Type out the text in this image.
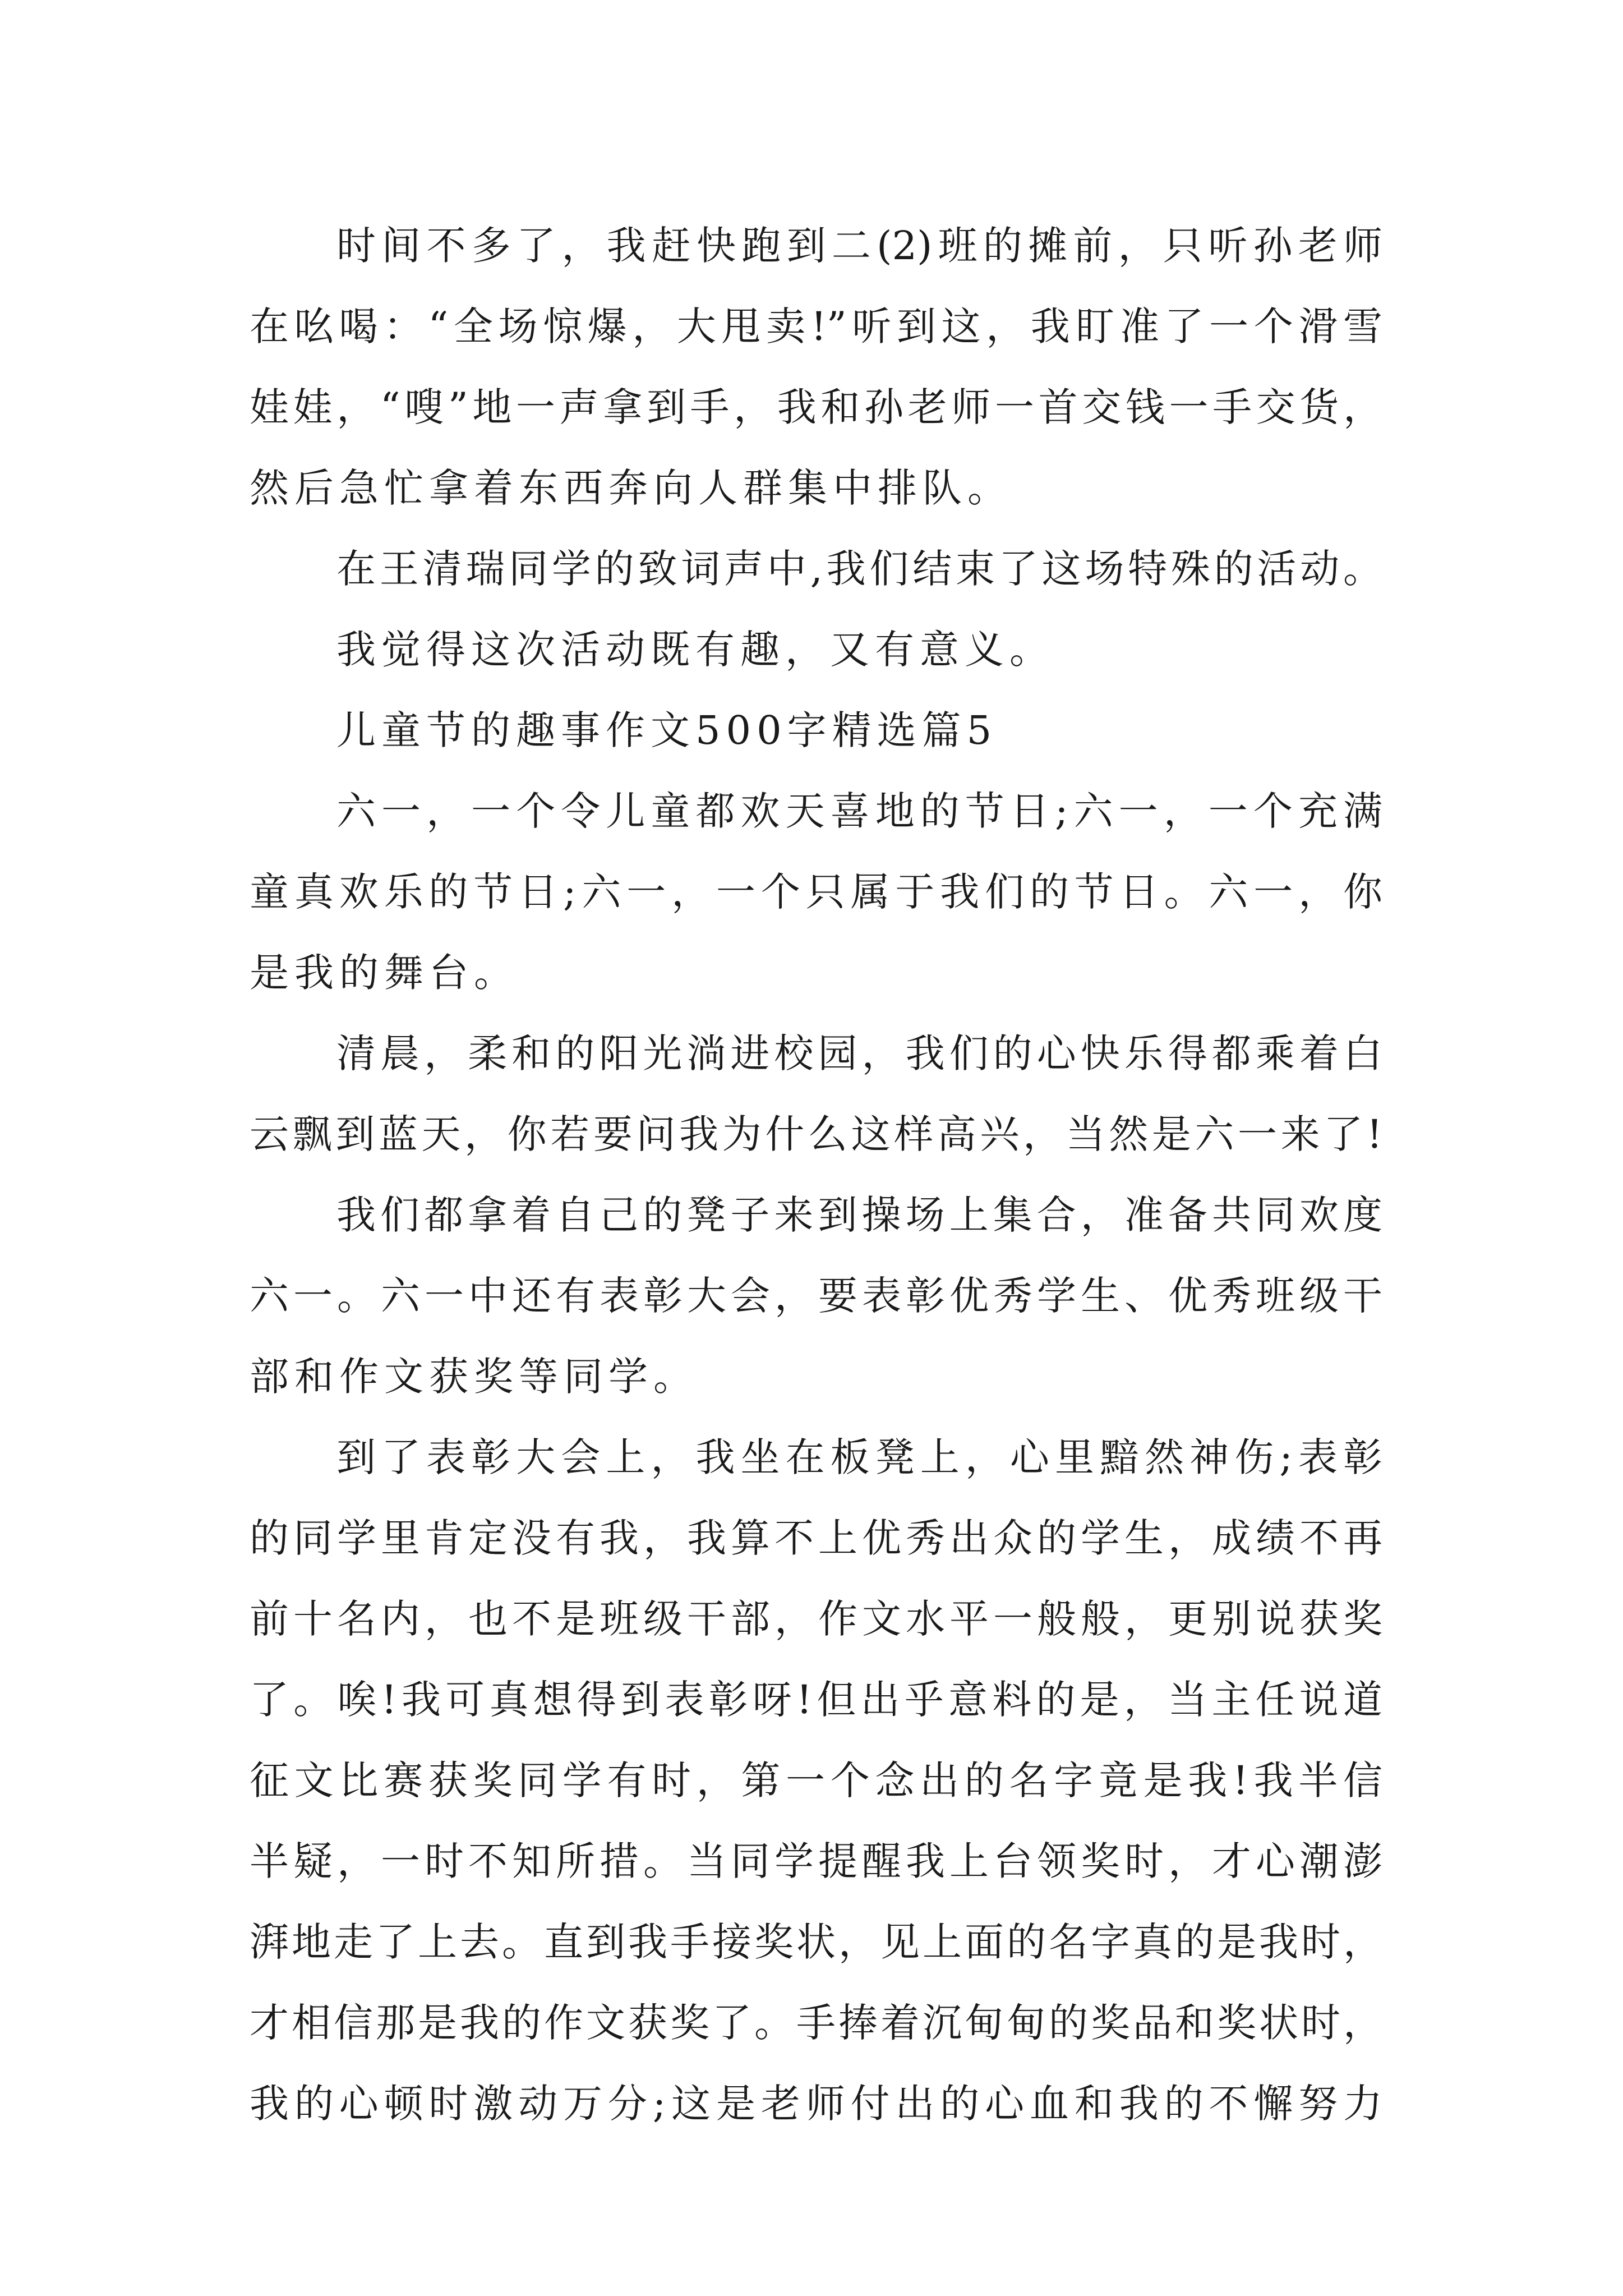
时间不多了，我赶快跑到二(2)班的摊前，只听孙老师
在吆喝：“全场惊爆，大甩卖!”听到这，我盯准了一个滑雪
娃娃，“嗖”地一声拿到手，我和孙老师一首交钱一手交货，
然后急忙拿着东西奔向人群集中排队。
在王清瑞同学的致词声中,我们结束了这场特殊的活动。
我觉得这次活动既有趣，又有意义。
儿童节的趣事作文500字精选篇5
六一，一个令儿童都欢天喜地的节日;六一，一个充满
童真欢乐的节日;六一，一个只属于我们的节日。六一，你
是我的舞台。
清晨，柔和的阳光淌进校园，我们的心快乐得都乘着白
云飘到蓝天，你若要问我为什么这样高兴，当然是六一来了!
我们都拿着自己的凳子来到操场上集合，准备共同欢度
六一。六一中还有表彰大会，要表彰优秀学生、优秀班级干
部和作文获奖等同学。
到了表彰大会上，我坐在板凳上，心里黯然神伤;表彰
的同学里肯定没有我，我算不上优秀出众的学生，成绩不再
前十名内，也不是班级干部，作文水平一般般，更别说获奖
了。唉!我可真想得到表彰呀!但出乎意料的是，当主任说道
征文比赛获奖同学有时，第一个念出的名字竟是我!我半信
半疑，一时不知所措。当同学提醒我上台领奖时，才心潮澎
湃地走了上去。直到我手接奖状，见上面的名字真的是我时，
才相信那是我的作文获奖了。手捧着沉甸甸的奖品和奖状时，
我的心顿时激动万分;这是老师付出的心血和我的不懈努力
